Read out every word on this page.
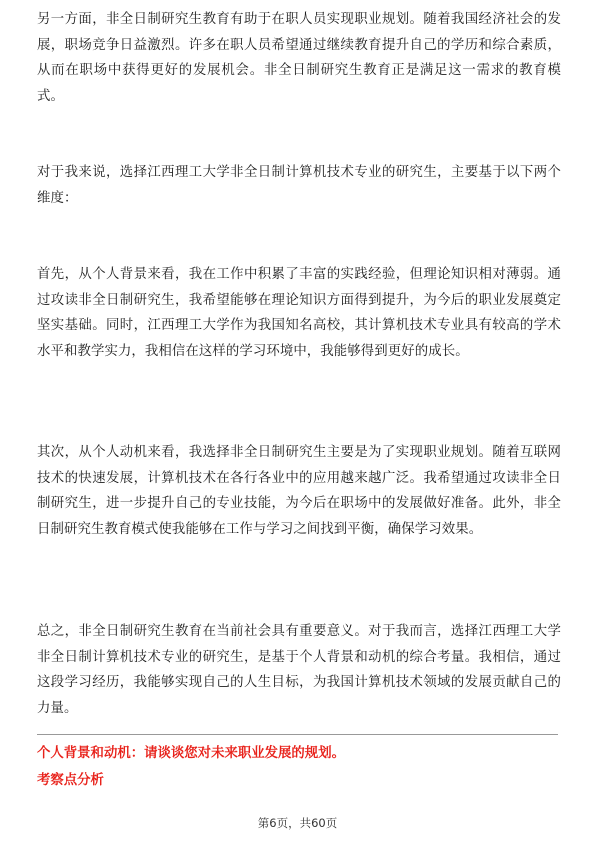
另一方面，非全日制研究生教育有助于在职人员实现职业规划。随着我国经济社会的发展，职场竞争日益激烈。许多在职人员希望通过继续教育提升自己的学历和综合素质，从而在职场中获得更好的发展机会。非全日制研究生教育正是满足这一需求的教育模式。

对于我来说，选择江西理工大学非全日制计算机技术专业的研究生，主要基于以下两个维度：

首先，从个人背景来看，我在工作中积累了丰富的实践经验，但理论知识相对薄弱。通过攻读非全日制研究生，我希望能够在理论知识方面得到提升，为今后的职业发展奠定坚实基础。同时，江西理工大学作为我国知名高校，其计算机技术专业具有较高的学术水平和教学实力，我相信在这样的学习环境中，我能够得到更好的成长。

其次，从个人动机来看，我选择非全日制研究生主要是为了实现职业规划。随着互联网技术的快速发展，计算机技术在各行各业中的应用越来越广泛。我希望通过攻读非全日制研究生，进一步提升自己的专业技能，为今后在职场中的发展做好准备。此外，非全日制研究生教育模式使我能够在工作与学习之间找到平衡，确保学习效果。

总之，非全日制研究生教育在当前社会具有重要意义。对于我而言，选择江西理工大学非全日制计算机技术专业的研究生，是基于个人背景和动机的综合考量。我相信，通过这段学习经历，我能够实现自己的人生目标，为我国计算机技术领域的发展贡献自己的力量。

个人背景和动机：请谈谈您对未来职业发展的规划。
考察点分析
第6页，共60页
